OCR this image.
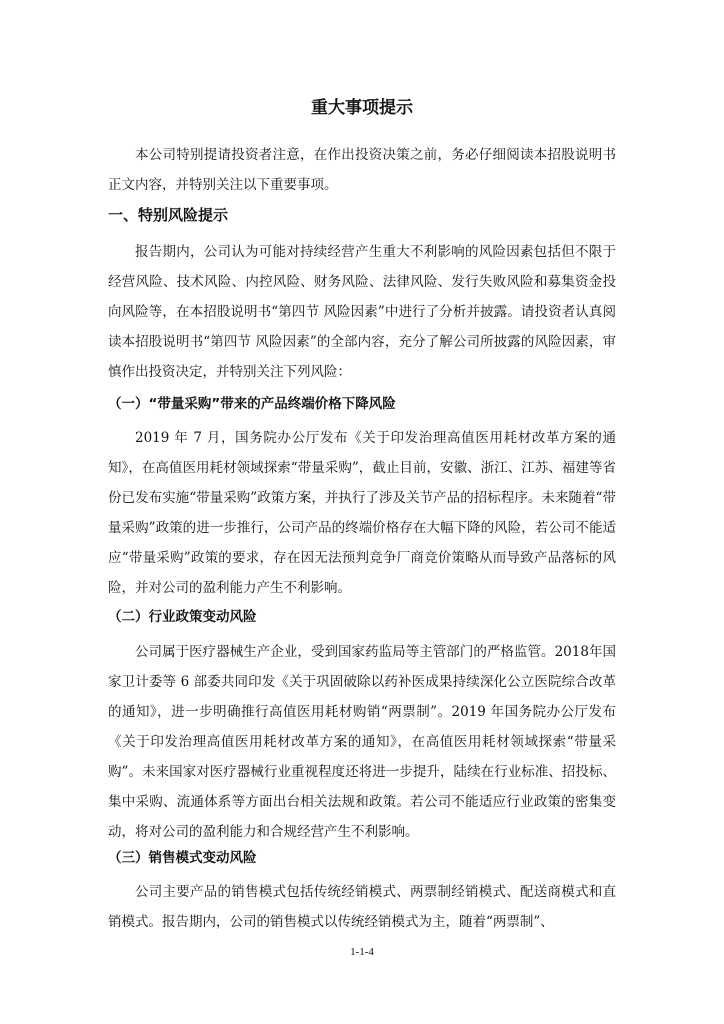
重大事项提示

本公司特别提请投资者注意，在作出投资决策之前，务必仔细阅读本招股说明书正文内容，并特别关注以下重要事项。

一、特别风险提示

报告期内，公司认为可能对持续经营产生重大不利影响的风险因素包括但不限于经营风险、技术风险、内控风险、财务风险、法律风险、发行失败风险和募集资金投向风险等，在本招股说明书“第四节 风险因素”中进行了分析并披露。请投资者认真阅读本招股说明书“第四节 风险因素”的全部内容，充分了解公司所披露的风险因素，审慎作出投资决定，并特别关注下列风险：

（一）“带量采购”带来的产品终端价格下降风险

2019 年 7 月，国务院办公厅发布《关于印发治理高值医用耗材改革方案的通知》，在高值医用耗材领域探索“带量采购”，截止目前，安徽、浙江、江苏、福建等省份已发布实施“带量采购”政策方案，并执行了涉及关节产品的招标程序。未来随着“带量采购”政策的进一步推行，公司产品的终端价格存在大幅下降的风险，若公司不能适应“带量采购”政策的要求，存在因无法预判竞争厂商竞价策略从而导致产品落标的风险，并对公司的盈利能力产生不利影响。

（二）行业政策变动风险

公司属于医疗器械生产企业，受到国家药监局等主管部门的严格监管。2018年国家卫计委等 6 部委共同印发《关于巩固破除以药补医成果持续深化公立医院综合改革的通知》，进一步明确推行高值医用耗材购销“两票制”。2019 年国务院办公厅发布《关于印发治理高值医用耗材改革方案的通知》，在高值医用耗材领域探索“带量采购”。未来国家对医疗器械行业重视程度还将进一步提升，陆续在行业标准、招投标、集中采购、流通体系等方面出台相关法规和政策。若公司不能适应行业政策的密集变动，将对公司的盈利能力和合规经营产生不利影响。

（三）销售模式变动风险

公司主要产品的销售模式包括传统经销模式、两票制经销模式、配送商模式和直销模式。报告期内，公司的销售模式以传统经销模式为主，随着“两票制”、

1-1-4
